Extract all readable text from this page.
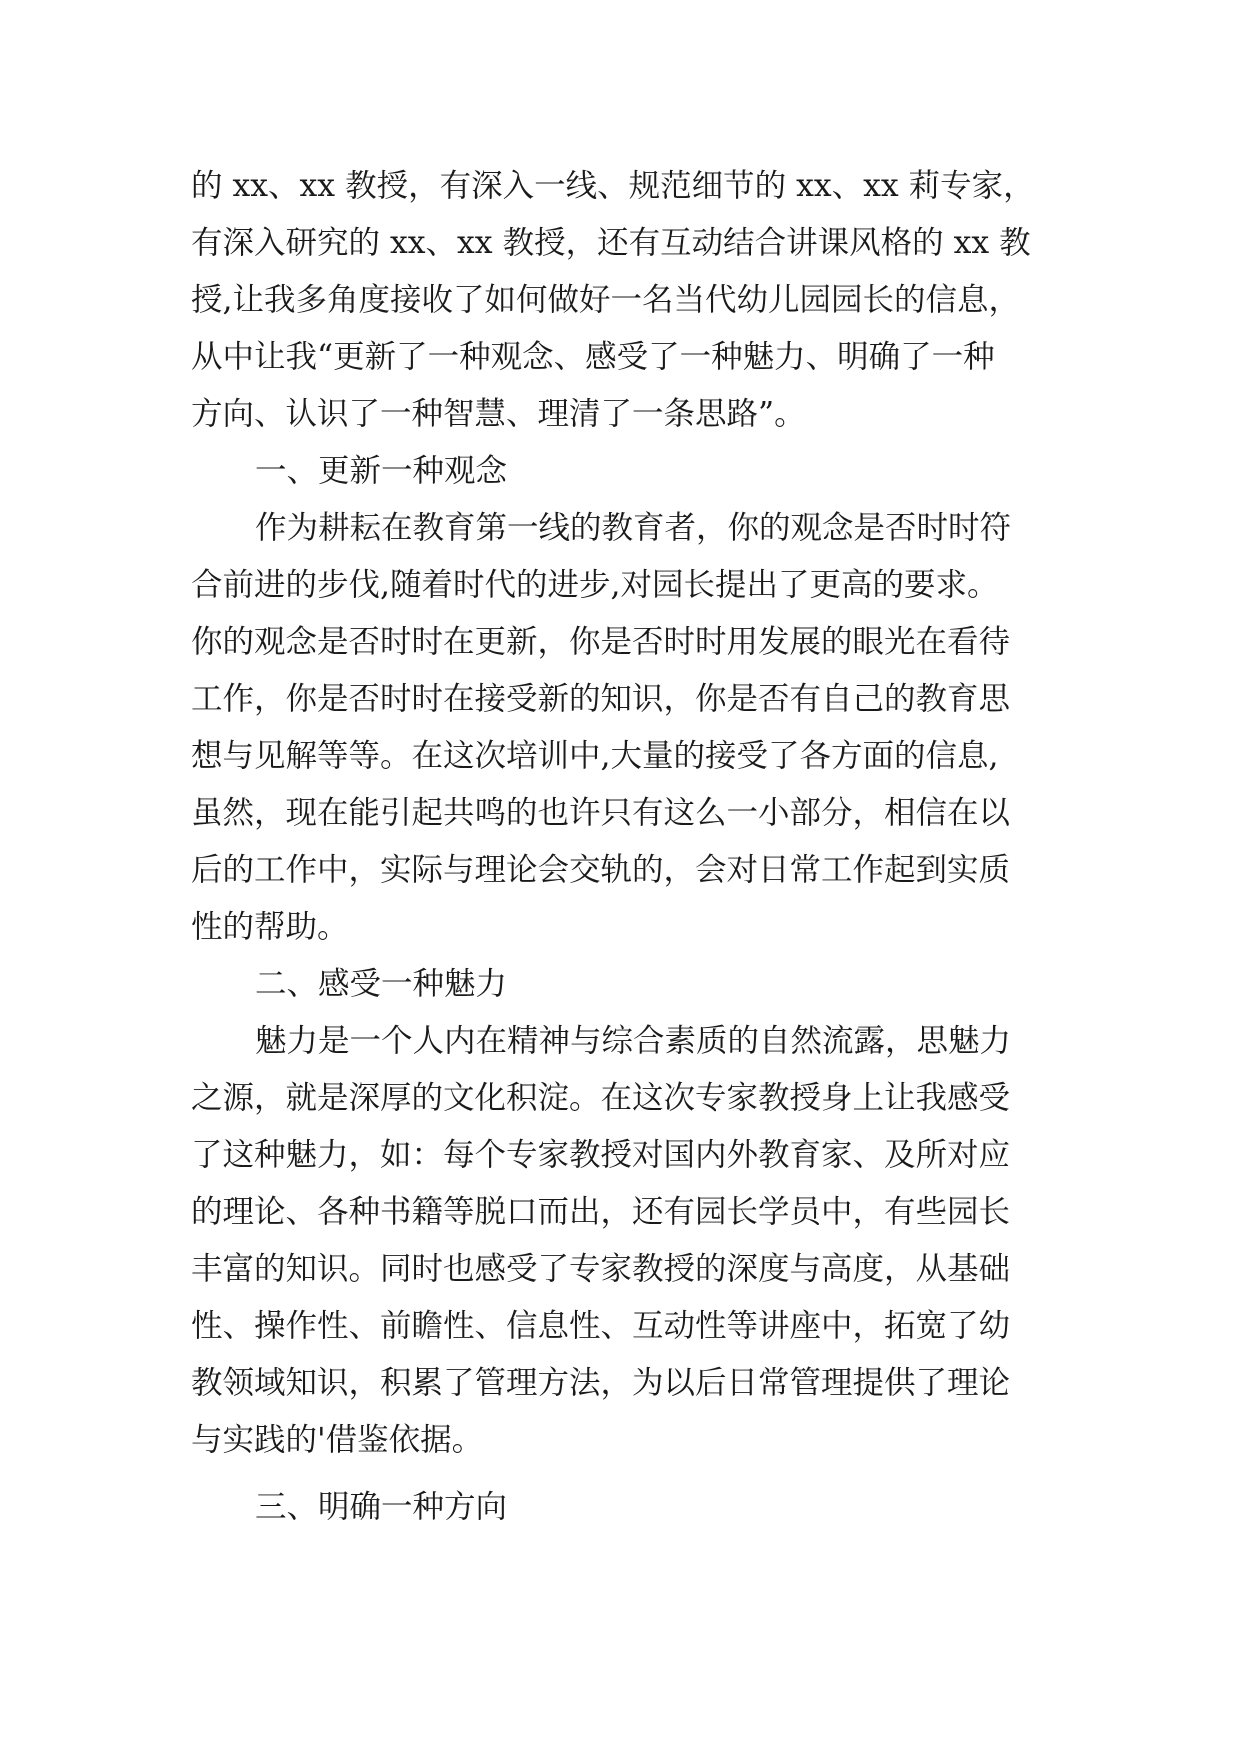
的 xx、xx 教授，有深入一线、规范细节的 xx、xx 莉专家，
有深入研究的 xx、xx 教授，还有互动结合讲课风格的 xx 教
授,让我多角度接收了如何做好一名当代幼儿园园长的信息，
从中让我“更新了一种观念、感受了一种魅力、明确了一种
方向、认识了一种智慧、理清了一条思路”。
一、更新一种观念
作为耕耘在教育第一线的教育者，你的观念是否时时符
合前进的步伐,随着时代的进步,对园长提出了更高的要求。
你的观念是否时时在更新，你是否时时用发展的眼光在看待
工作，你是否时时在接受新的知识，你是否有自己的教育思
想与见解等等。在这次培训中,大量的接受了各方面的信息,
虽然，现在能引起共鸣的也许只有这么一小部分，相信在以
后的工作中，实际与理论会交轨的，会对日常工作起到实质
性的帮助。
二、感受一种魅力
魅力是一个人内在精神与综合素质的自然流露，思魅力
之源，就是深厚的文化积淀。在这次专家教授身上让我感受
了这种魅力，如：每个专家教授对国内外教育家、及所对应
的理论、各种书籍等脱口而出，还有园长学员中，有些园长
丰富的知识。同时也感受了专家教授的深度与高度，从基础
性、操作性、前瞻性、信息性、互动性等讲座中，拓宽了幼
教领域知识，积累了管理方法，为以后日常管理提供了理论
与实践的'借鉴依据。
三、明确一种方向
